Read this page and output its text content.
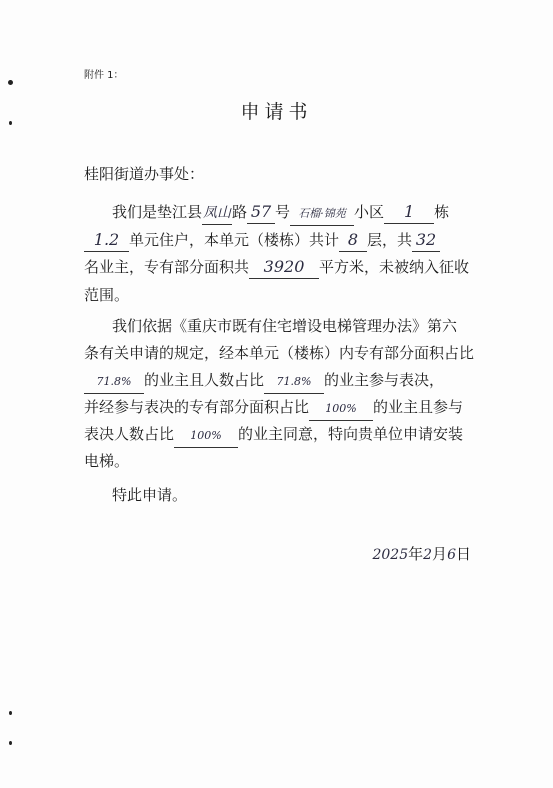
附件 1：
申请书
桂阳街道办事处：
我们是垫江县凤山路 57 号 石榴·锦苑 小区 1 栋
1.2 单元住户，本单元（楼栋）共计 8 层，共 32
名业主，专有部分面积共 3920 平方米，未被纳入征收
范围。
我们依据《重庆市既有住宅增设电梯管理办法》第六
条有关申请的规定，经本单元（楼栋）内专有部分面积占比
71.8% 的业主且人数占比 71.8% 的业主参与表决，
并经参与表决的专有部分面积占比 100% 的业主且参与
表决人数占比 100% 的业主同意，特向贵单位申请安装
电梯。
特此申请。
2025年2月6日
